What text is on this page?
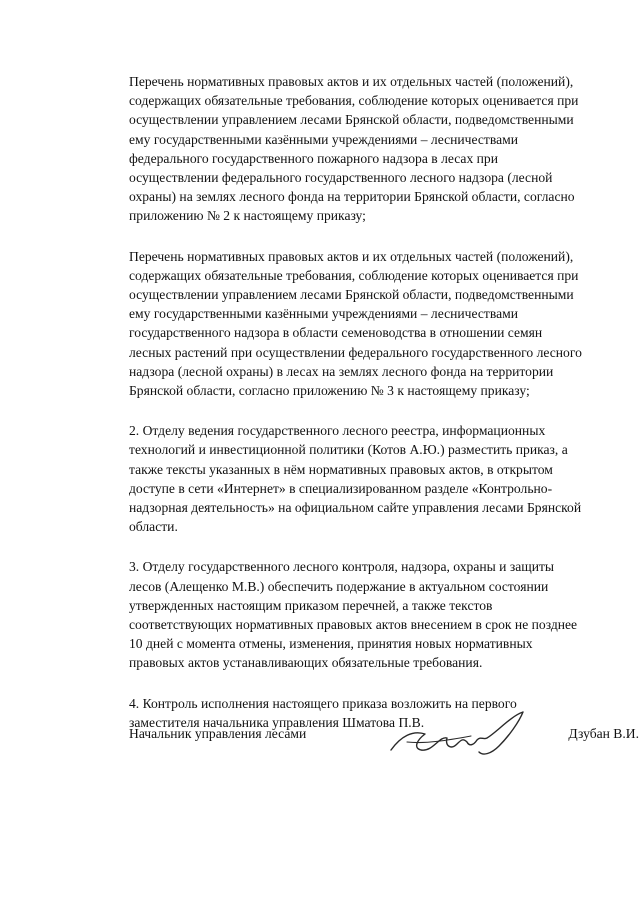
Перечень нормативных правовых актов и их отдельных частей (положений),
содержащих обязательные требования, соблюдение которых оценивается при
осуществлении управлением лесами Брянской области, подведомственными
ему государственными казёнными учреждениями – лесничествами
федерального государственного пожарного надзора в лесах при
осуществлении федерального государственного лесного надзора (лесной
охраны) на землях лесного фонда на территории Брянской области, согласно
приложению № 2 к настоящему приказу;

Перечень нормативных правовых актов и их отдельных частей (положений),
содержащих обязательные требования, соблюдение которых оценивается при
осуществлении управлением лесами Брянской области, подведомственными
ему государственными казёнными учреждениями – лесничествами
государственного надзора в области семеноводства в отношении семян
лесных растений при осуществлении федерального государственного лесного
надзора (лесной охраны) в лесах на землях лесного фонда на территории
Брянской области, согласно приложению № 3 к настоящему приказу;

2. Отделу ведения государственного лесного реестра, информационных
технологий и инвестиционной политики (Котов А.Ю.) разместить приказ, а
также тексты указанных в нём нормативных правовых актов, в открытом
доступе в сети «Интернет» в специализированном разделе «Контрольно-
надзорная деятельность» на официальном сайте управления лесами Брянской
области.

3. Отделу государственного лесного контроля, надзора, охраны и защиты
лесов (Алещенко М.В.) обеспечить подержание в актуальном состоянии
утвержденных настоящим приказом перечней, а также текстов
соответствующих нормативных правовых актов внесением в срок не позднее
10 дней с момента отмены, изменения, принятия новых нормативных
правовых актов устанавливающих обязательные требования.

4. Контроль исполнения настоящего приказа возложить на первого
заместителя начальника управления Шматова П.В.

Начальник управления лесами	Дзубан В.И.
